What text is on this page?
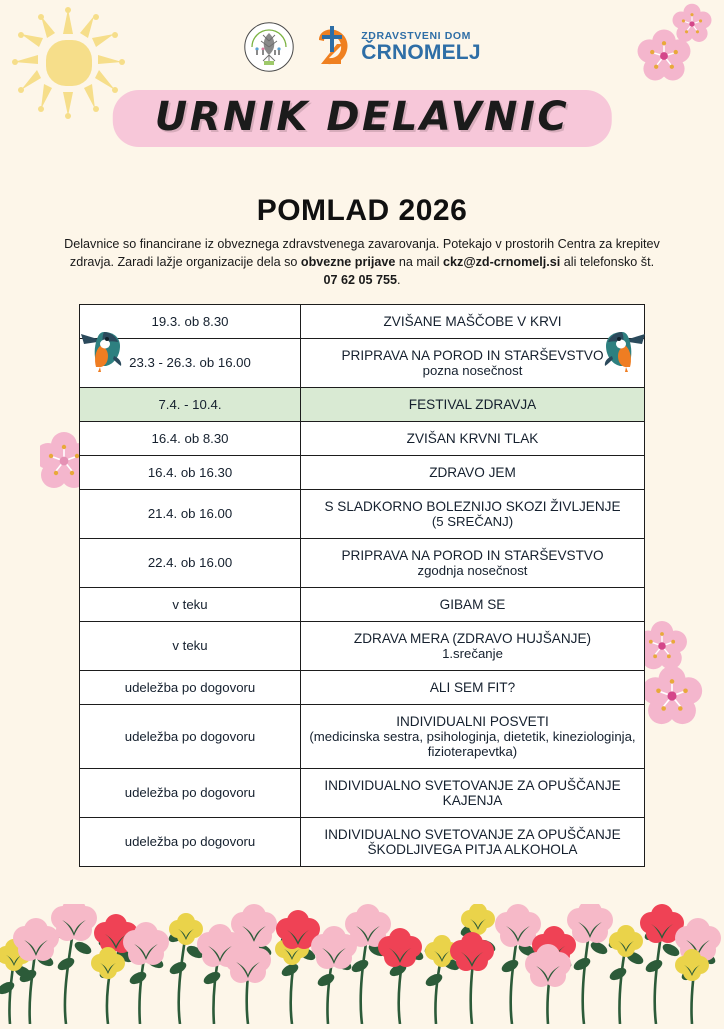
ZDRAVSTVENI DOM
ČRNOMELJ
URNIK DELAVNIC
POMLAD 2026

Delavnice so financirane iz obveznega zdravstvenega zavarovanja. Potekajo v prostorih Centra za krepitev zdravja. Zaradi lažje organizacije dela so obvezne prijave na mail ckz@zd-crnomelj.si ali telefonsko št. 07 62 05 755.

19.3. ob 8.30	ZVIŠANE MAŠČOBE V KRVI

23.3 - 26.3. ob 16.00	PRIPRAVA NA POROD IN STARŠEVSTVO
pozna nosečnost

7.4. - 10.4.	FESTIVAL ZDRAVJA

16.4. ob 8.30	ZVIŠAN KRVNI TLAK

16.4. ob 16.30	ZDRAVO JEM

21.4. ob 16.00	S SLADKORNO BOLEZNIJO SKOZI ŽIVLJENJE
(5 SREČANJ)

22.4. ob 16.00	PRIPRAVA NA POROD IN STARŠEVSTVO
zgodnja nosečnost

v teku	GIBAM SE

v teku	ZDRAVA MERA (ZDRAVO HUJŠANJE)
1.srečanje

udeležba po dogovoru	ALI SEM FIT?

udeležba po dogovoru	INDIVIDUALNI POSVETI
(medicinska sestra, psihologinja, dietetik, kineziologinja, fizioterapevtka)

udeležba po dogovoru	INDIVIDUALNO SVETOVANJE ZA OPUŠČANJE KAJENJA

udeležba po dogovoru	INDIVIDUALNO SVETOVANJE ZA OPUŠČANJE ŠKODLJIVEGA PITJA ALKOHOLA
